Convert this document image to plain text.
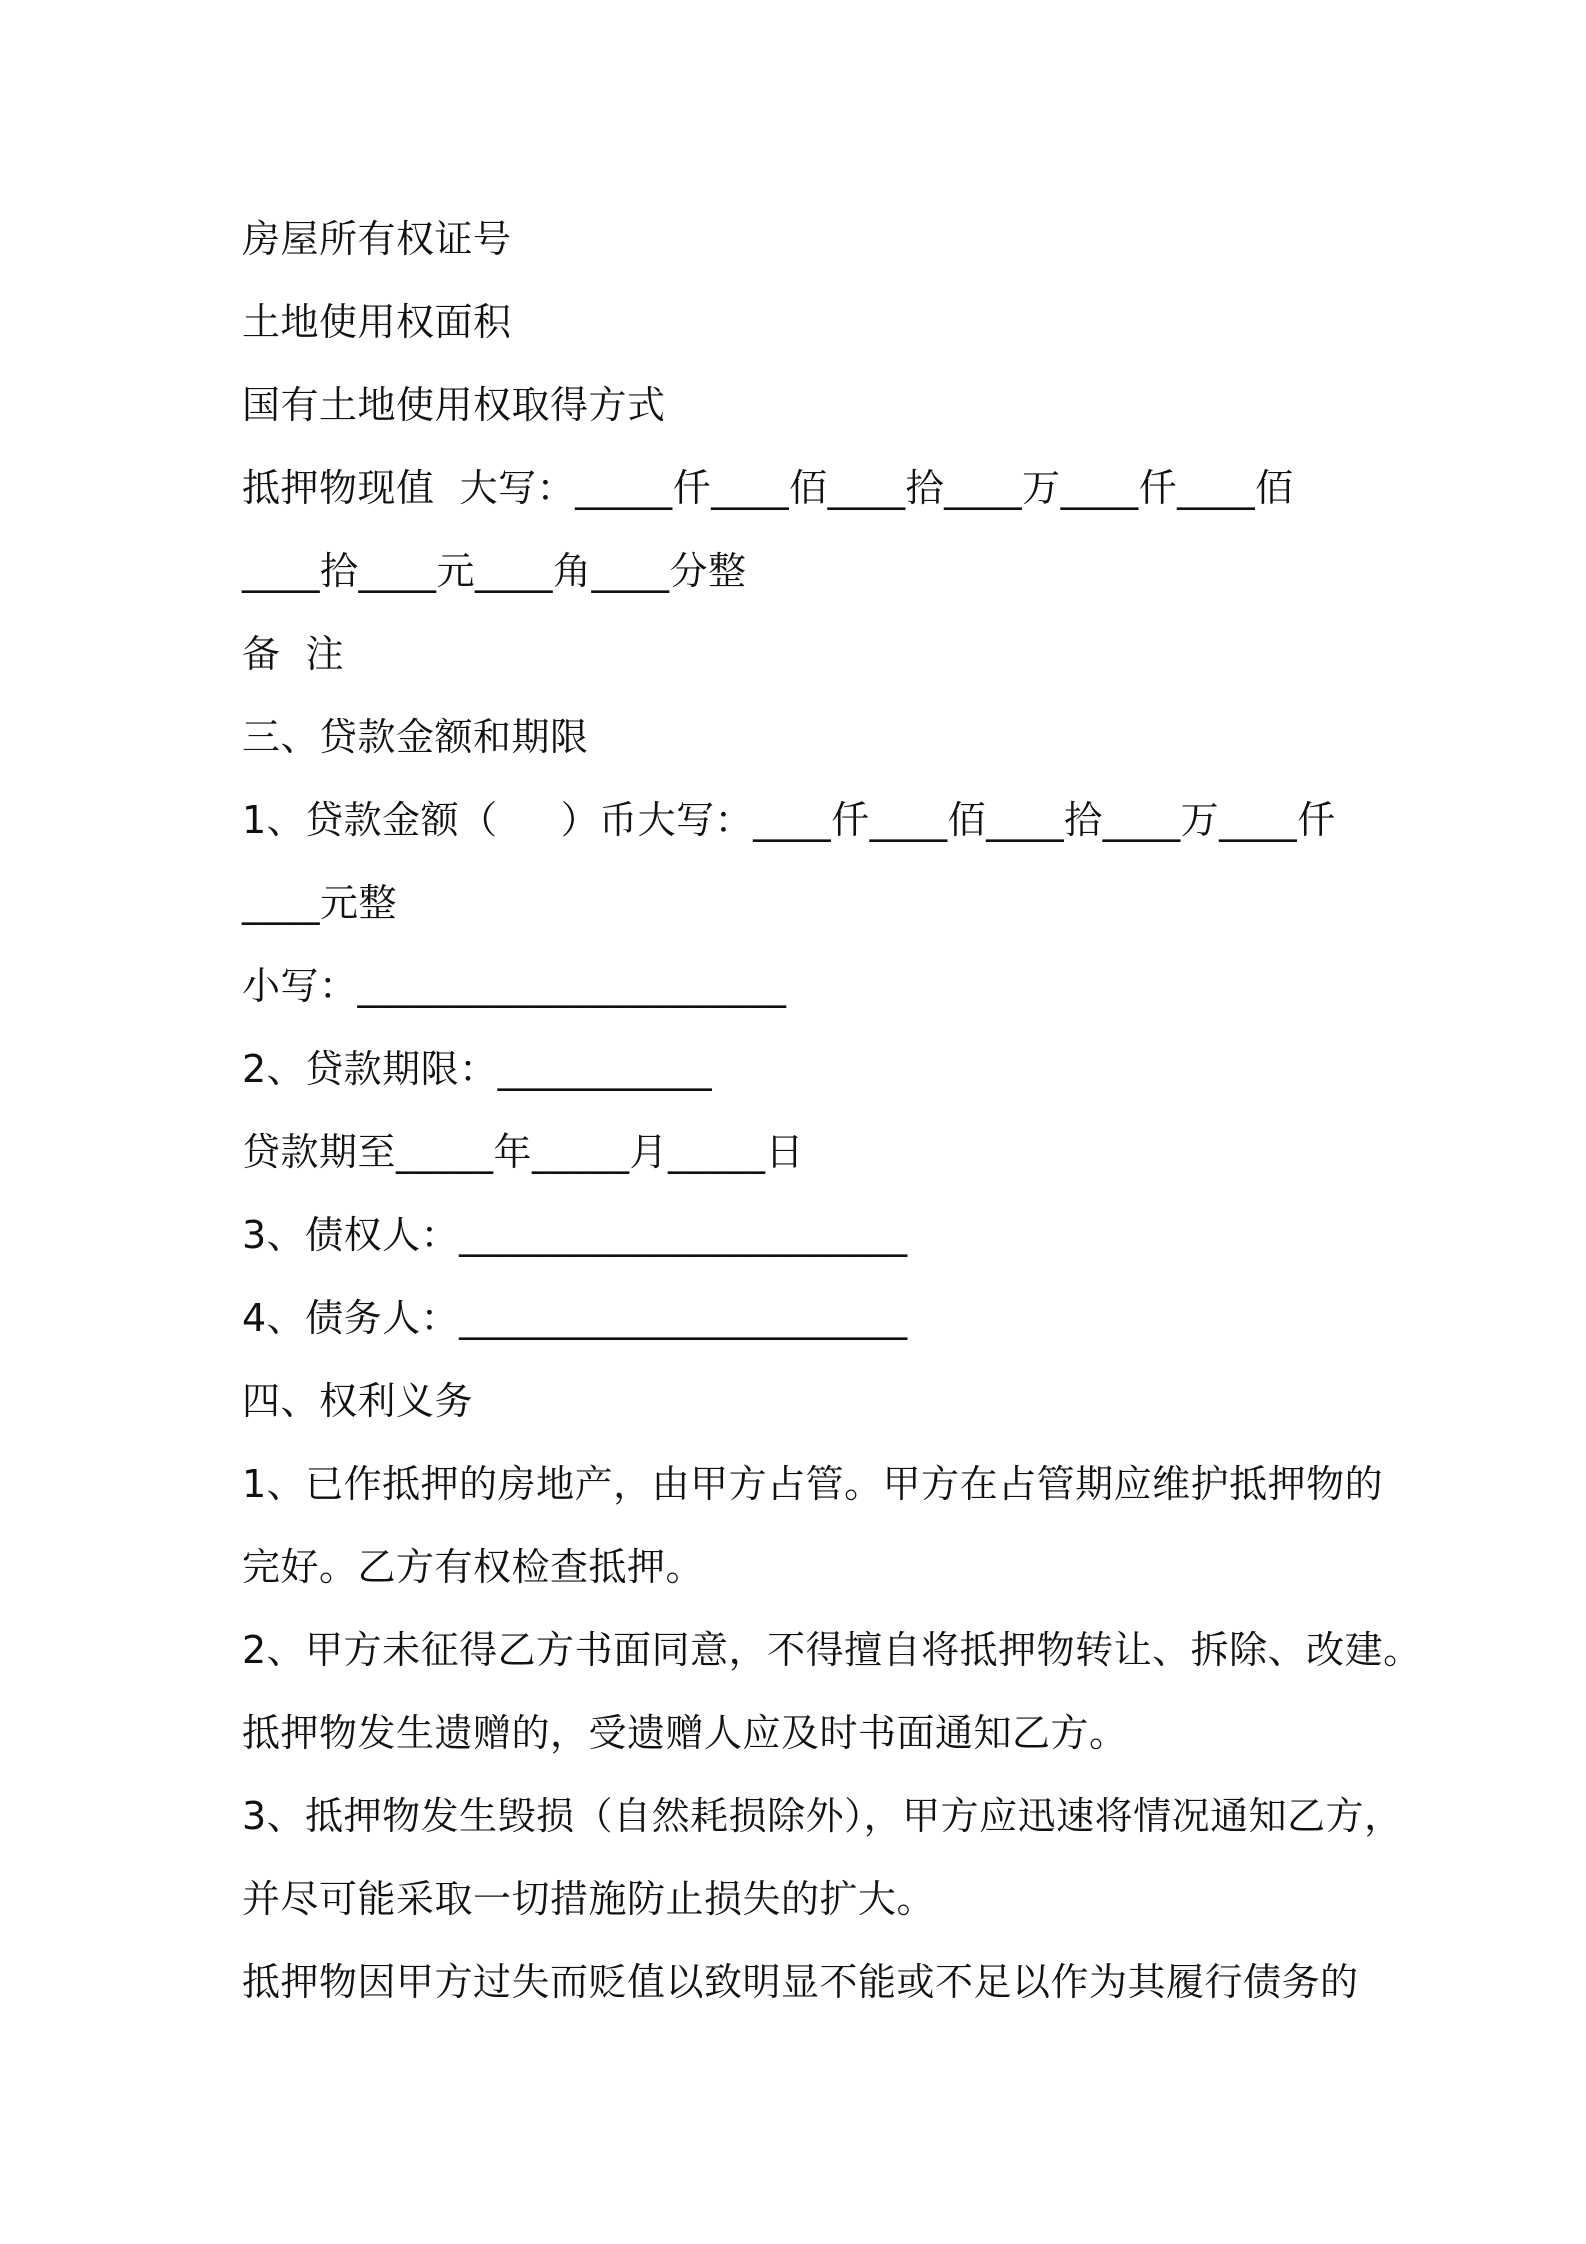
房屋所有权证号
土地使用权面积
国有土地使用权取得方式
抵押物现值  大写：_____仟____佰____拾____万____仟____佰
____拾____元____角____分整
备  注
三、贷款金额和期限
1、贷款金额（     ）币大写：____仟____佰____拾____万____仟
____元整
小写：______________________
2、贷款期限：___________
贷款期至_____年_____月_____日
3、债权人：_______________________
4、债务人：_______________________
四、权利义务
1、已作抵押的房地产，由甲方占管。甲方在占管期应维护抵押物的
完好。乙方有权检查抵押。
2、甲方未征得乙方书面同意，不得擅自将抵押物转让、拆除、改建。
抵押物发生遗赠的，受遗赠人应及时书面通知乙方。
3、抵押物发生毁损（自然耗损除外），甲方应迅速将情况通知乙方，
并尽可能采取一切措施防止损失的扩大。
抵押物因甲方过失而贬值以致明显不能或不足以作为其履行债务的
